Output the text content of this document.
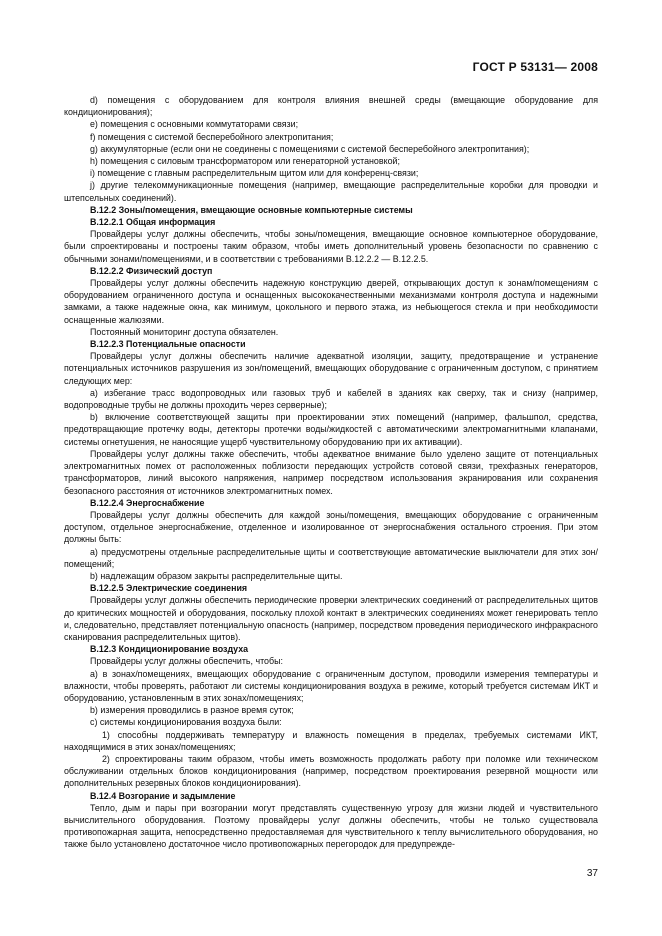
ГОСТ Р 53131— 2008

d) помещения с оборудованием для контроля влияния внешней среды (вмещающие оборудование для кондиционирования);

е) помещения с основными коммутаторами связи;

f) помещения с системой бесперебойного электропитания;

g) аккумуляторные (если они не соединены с помещениями с системой бесперебойного электропитания);

h) помещения с силовым трансформатором или генераторной установкой;

i) помещение с главным распределительным щитом или для конференц-связи;

j) другие телекоммуникационные помещения (например, вмещающие распределительные коробки для проводки и штепсельных соединений).

В.12.2 Зоны/помещения, вмещающие основные компьютерные системы

В.12.2.1 Общая информация

Провайдеры услуг должны обеспечить, чтобы зоны/помещения, вмещающие основное компьютерное оборудование, были спроектированы и построены таким образом, чтобы иметь дополнительный уровень безопасности по сравнению с обычными зонами/помещениями, и в соответствии с требованиями В.12.2.2 — В.12.2.5.

В.12.2.2 Физический доступ

Провайдеры услуг должны обеспечить надежную конструкцию дверей, открывающих доступ к зонам/помещениям с оборудованием ограниченного доступа и оснащенных высококачественными механизмами контроля доступа и надежными замками, а также надежные окна, как минимум, цокольного и первого этажа, из небьющегося стекла и при необходимости оснащенные жалюзями.

Постоянный мониторинг доступа обязателен.

В.12.2.3 Потенциальные опасности

Провайдеры услуг должны обеспечить наличие адекватной изоляции, защиту, предотвращение и устранение потенциальных источников разрушения из зон/помещений, вмещающих оборудование с ограниченным доступом, с принятием следующих мер:

а) избегание трасс водопроводных или газовых труб и кабелей в зданиях как сверху, так и снизу (например, водопроводные трубы не должны проходить через серверные);

b) включение соответствующей защиты при проектировании этих помещений (например, фальшпол, средства, предотвращающие протечку воды, детекторы протечки воды/жидкостей с автоматическими электромагнитными клапанами, системы огнетушения, не наносящие ущерб чувствительному оборудованию при их активации).

Провайдеры услуг должны также обеспечить, чтобы адекватное внимание было уделено защите от потенциальных электромагнитных помех от расположенных поблизости передающих устройств сотовой связи, трехфазных генераторов, трансформаторов, линий высокого напряжения, например посредством использования экранирования или сохранения безопасного расстояния от источников электромагнитных помех.

В.12.2.4 Энергоснабжение

Провайдеры услуг должны обеспечить для каждой зоны/помещения, вмещающих оборудование с ограниченным доступом, отдельное энергоснабжение, отделенное и изолированное от энергоснабжения остального строения. При этом должны быть:

а) предусмотрены отдельные распределительные щиты и соответствующие автоматические выключатели для этих зон/помещений;

b) надлежащим образом закрыты распределительные щиты.

В.12.2.5 Электрические соединения

Провайдеры услуг должны обеспечить периодические проверки электрических соединений от распределительных щитов до критических мощностей и оборудования, поскольку плохой контакт в электрических соединениях может генерировать тепло и, следовательно, представляет потенциальную опасность (например, посредством проведения периодического инфракрасного сканирования распределительных щитов).

В.12.3 Кондиционирование воздуха

Провайдеры услуг должны обеспечить, чтобы:

а) в зонах/помещениях, вмещающих оборудование с ограниченным доступом, проводили измерения температуры и влажности, чтобы проверять, работают ли системы кондиционирования воздуха в режиме, который требуется системам ИКТ и оборудованию, установленным в этих зонах/помещениях;

b) измерения проводились в разное время суток;

с) системы кондиционирования воздуха были:

1) способны поддерживать температуру и влажность помещения в пределах, требуемых системами ИКТ, находящимися в этих зонах/помещениях;

2) спроектированы таким образом, чтобы иметь возможность продолжать работу при поломке или техническом обслуживании отдельных блоков кондиционирования (например, посредством проектирования резервной мощности или дополнительных резервных блоков кондиционирования).

В.12.4 Возгорание и задымление

Тепло, дым и пары при возгорании могут представлять существенную угрозу для жизни людей и чувствительного вычислительного оборудования. Поэтому провайдеры услуг должны обеспечить, чтобы не только существовала противопожарная защита, непосредственно предоставляемая для чувствительного к теплу вычислительного оборудования, но также было установлено достаточное число противопожарных перегородок для предупрежде-

37
